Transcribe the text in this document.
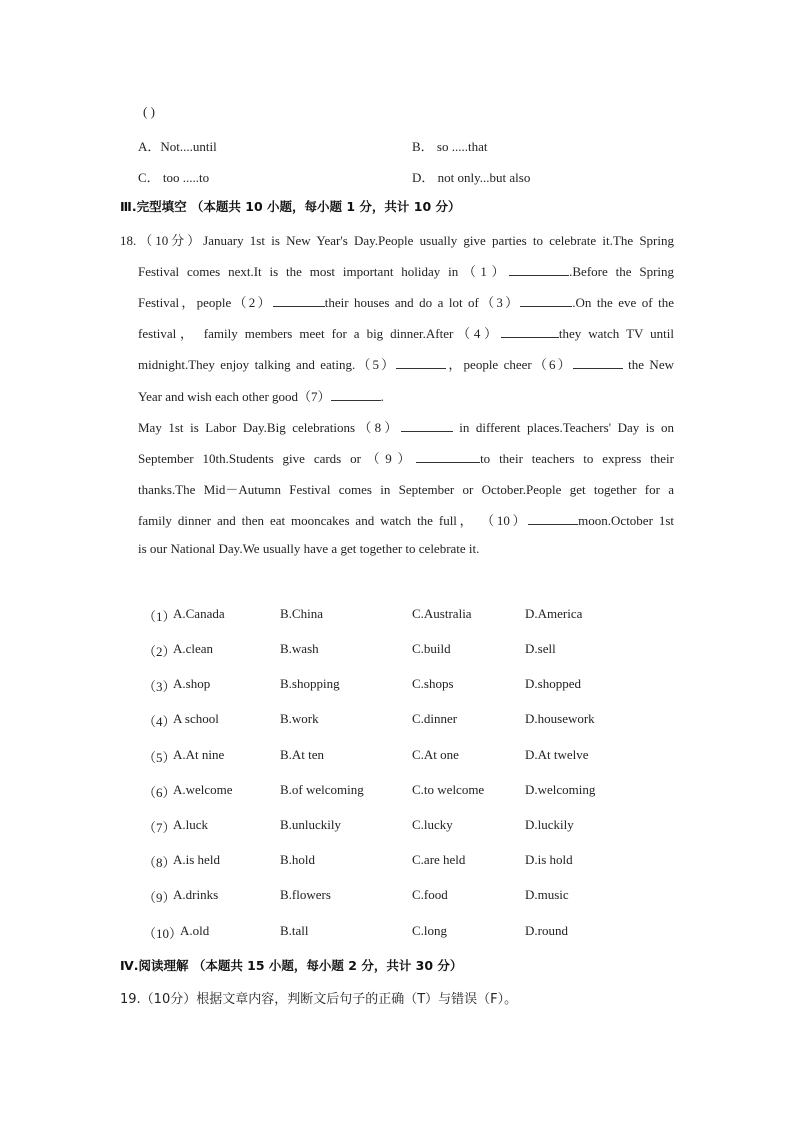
( )
A．Not....until	B． so .....that
C． too .....to	D． not only...but also
Ⅲ.完型填空 （本题共 10 小题，每小题 1 分，共计 10 分）
18.（10分）January 1st is New Year's Day.People usually give parties to celebrate it.The Spring
Festival comes next.It is the most important holiday in（1）	.Before the Spring
Festival，people（2）	their houses and do a lot of（3）	.On the eve of the
festival， family members meet for a big dinner.After（4）	they watch TV until
midnight.They enjoy talking and eating.（5）	，people cheer（6）	the New
Year and wish each other good（7）	.
May 1st is Labor Day.Big celebrations（8）	in different places.Teachers' Day is on
September 10th.Students give cards or（9）	to their teachers to express their
thanks.The Mid－Autumn Festival comes in September or October.People get together for a
family dinner and then eat mooncakes and watch the full， （10）	moon.October 1st
is our National Day.We usually have a get together to celebrate it.
（1）
A.Canada	B.China	C.Australia	D.America
（2）
A.clean	B.wash	C.build	D.sell
（3）
A.shop	B.shopping	C.shops	D.shopped
（4）
A school	B.work	C.dinner	D.housework
（5）
A.At nine	B.At ten	C.At one	D.At twelve
（6）
A.welcome	B.of welcoming	C.to welcome	D.welcoming
（7）
A.luck	B.unluckily	C.lucky	D.luckily
（8）
A.is held	B.hold	C.are held	D.is hold
（9）
A.drinks	B.flowers	C.food	D.music
（10）
A.old	B.tall	C.long	D.round
Ⅳ.阅读理解 （本题共 15 小题，每小题 2 分，共计 30 分）
19.（10分）根据文章内容，判断文后句子的正确（T）与错误（F）。
